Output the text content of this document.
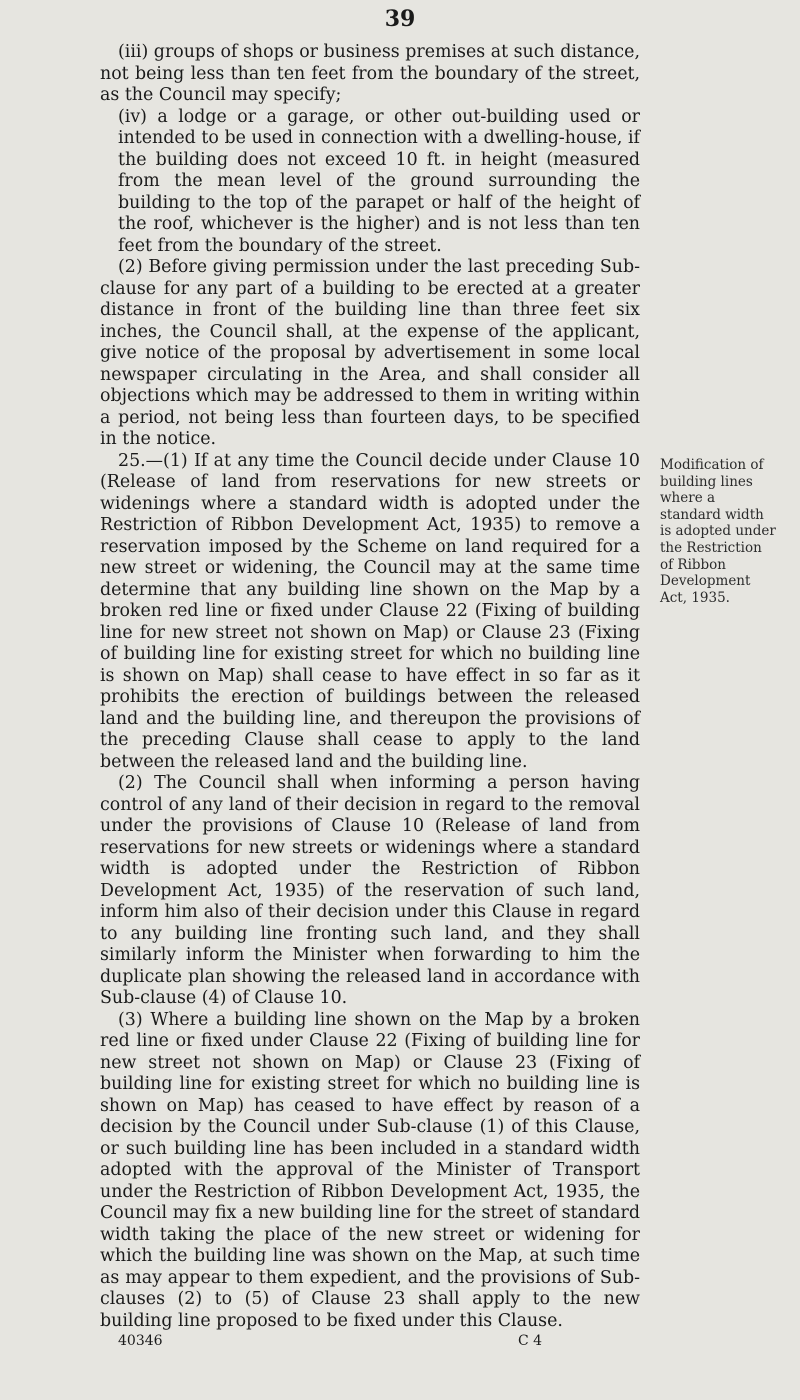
39

(iii) groups of shops or business premises at such distance, not being less than ten feet from the boundary of the street, as the Council may specify;

(iv) a lodge or a garage, or other out-building used or intended to be used in connection with a dwelling-house, if the building does not exceed 10 ft. in height (measured from the mean level of the ground surrounding the building to the top of the parapet or half of the height of the roof, whichever is the higher) and is not less than ten feet from the boundary of the street.

(2) Before giving permission under the last preceding Sub-clause for any part of a building to be erected at a greater distance in front of the building line than three feet six inches, the Council shall, at the expense of the applicant, give notice of the proposal by advertisement in some local newspaper circulating in the Area, and shall consider all objections which may be addressed to them in writing within a period, not being less than fourteen days, to be specified in the notice.

25.—(1) If at any time the Council decide under Clause 10 (Release of land from reservations for new streets or widenings where a standard width is adopted under the Restriction of Ribbon Development Act, 1935) to remove a reservation imposed by the Scheme on land required for a new street or widening, the Council may at the same time determine that any building line shown on the Map by a broken red line or fixed under Clause 22 (Fixing of building line for new street not shown on Map) or Clause 23 (Fixing of building line for existing street for which no building line is shown on Map) shall cease to have effect in so far as it prohibits the erection of buildings between the released land and the building line, and thereupon the provisions of the preceding Clause shall cease to apply to the land between the released land and the building line.

(2) The Council shall when informing a person having control of any land of their decision in regard to the removal under the provisions of Clause 10 (Release of land from reservations for new streets or widenings where a standard width is adopted under the Restriction of Ribbon Development Act, 1935) of the reservation of such land, inform him also of their decision under this Clause in regard to any building line fronting such land, and they shall similarly inform the Minister when forwarding to him the duplicate plan showing the released land in accordance with Sub-clause (4) of Clause 10.

(3) Where a building line shown on the Map by a broken red line or fixed under Clause 22 (Fixing of building line for new street not shown on Map) or Clause 23 (Fixing of building line for existing street for which no building line is shown on Map) has ceased to have effect by reason of a decision by the Council under Sub-clause (1) of this Clause, or such building line has been included in a standard width adopted with the approval of the Minister of Transport under the Restriction of Ribbon Development Act, 1935, the Council may fix a new building line for the street of standard width taking the place of the new street or widening for which the building line was shown on the Map, at such time as may appear to them expedient, and the provisions of Sub-clauses (2) to (5) of Clause 23 shall apply to the new building line proposed to be fixed under this Clause.

Modification of building lines where a standard width is adopted under the Restriction of Ribbon Development Act, 1935.
40346	C 4
